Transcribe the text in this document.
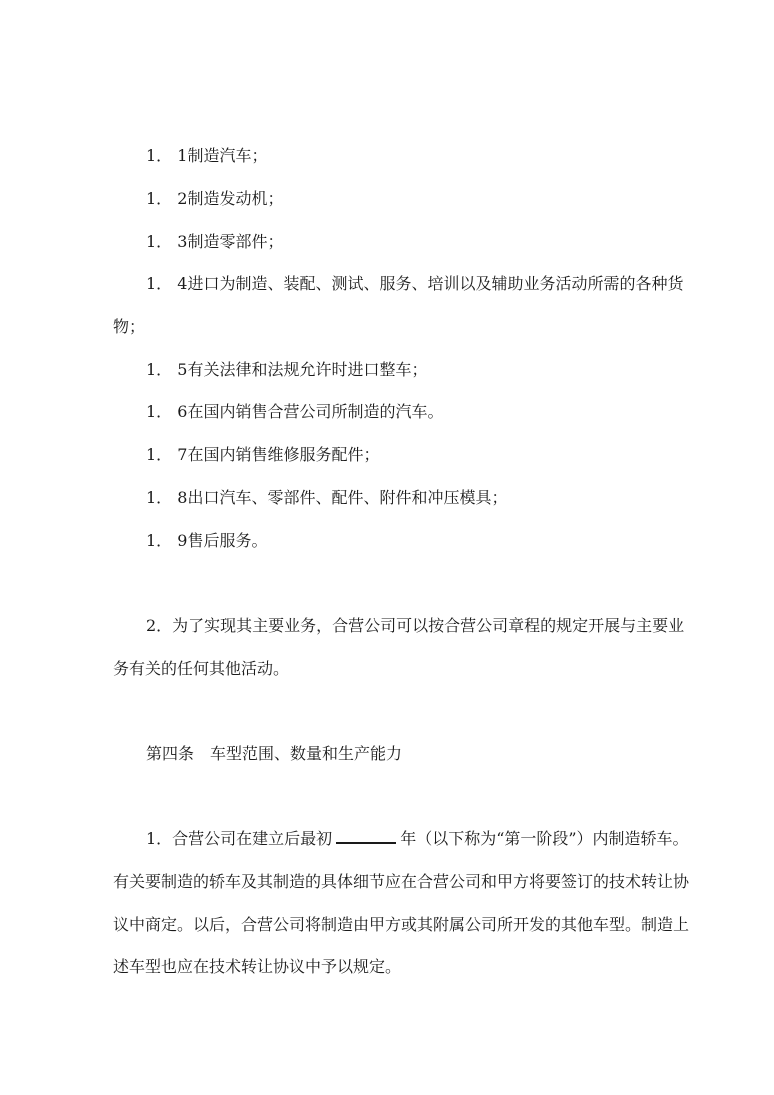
1． 1制造汽车；
1． 2制造发动机；
1． 3制造零部件；
1． 4进口为制造、装配、测试、服务、培训以及辅助业务活动所需的各种货
物；
1． 5有关法律和法规允许时进口整车；
1． 6在国内销售合营公司所制造的汽车。
1． 7在国内销售维修服务配件；
1． 8出口汽车、零部件、配件、附件和冲压模具；
1． 9售后服务。
2．为了实现其主要业务，合营公司可以按合营公司章程的规定开展与主要业
务有关的任何其他活动。
第四条　车型范围、数量和生产能力
1．合营公司在建立后最初	年（以下称为“第一阶段”）内制造轿车。
有关要制造的轿车及其制造的具体细节应在合营公司和甲方将要签订的技术转让协
议中商定。以后，合营公司将制造由甲方或其附属公司所开发的其他车型。制造上
述车型也应在技术转让协议中予以规定。
